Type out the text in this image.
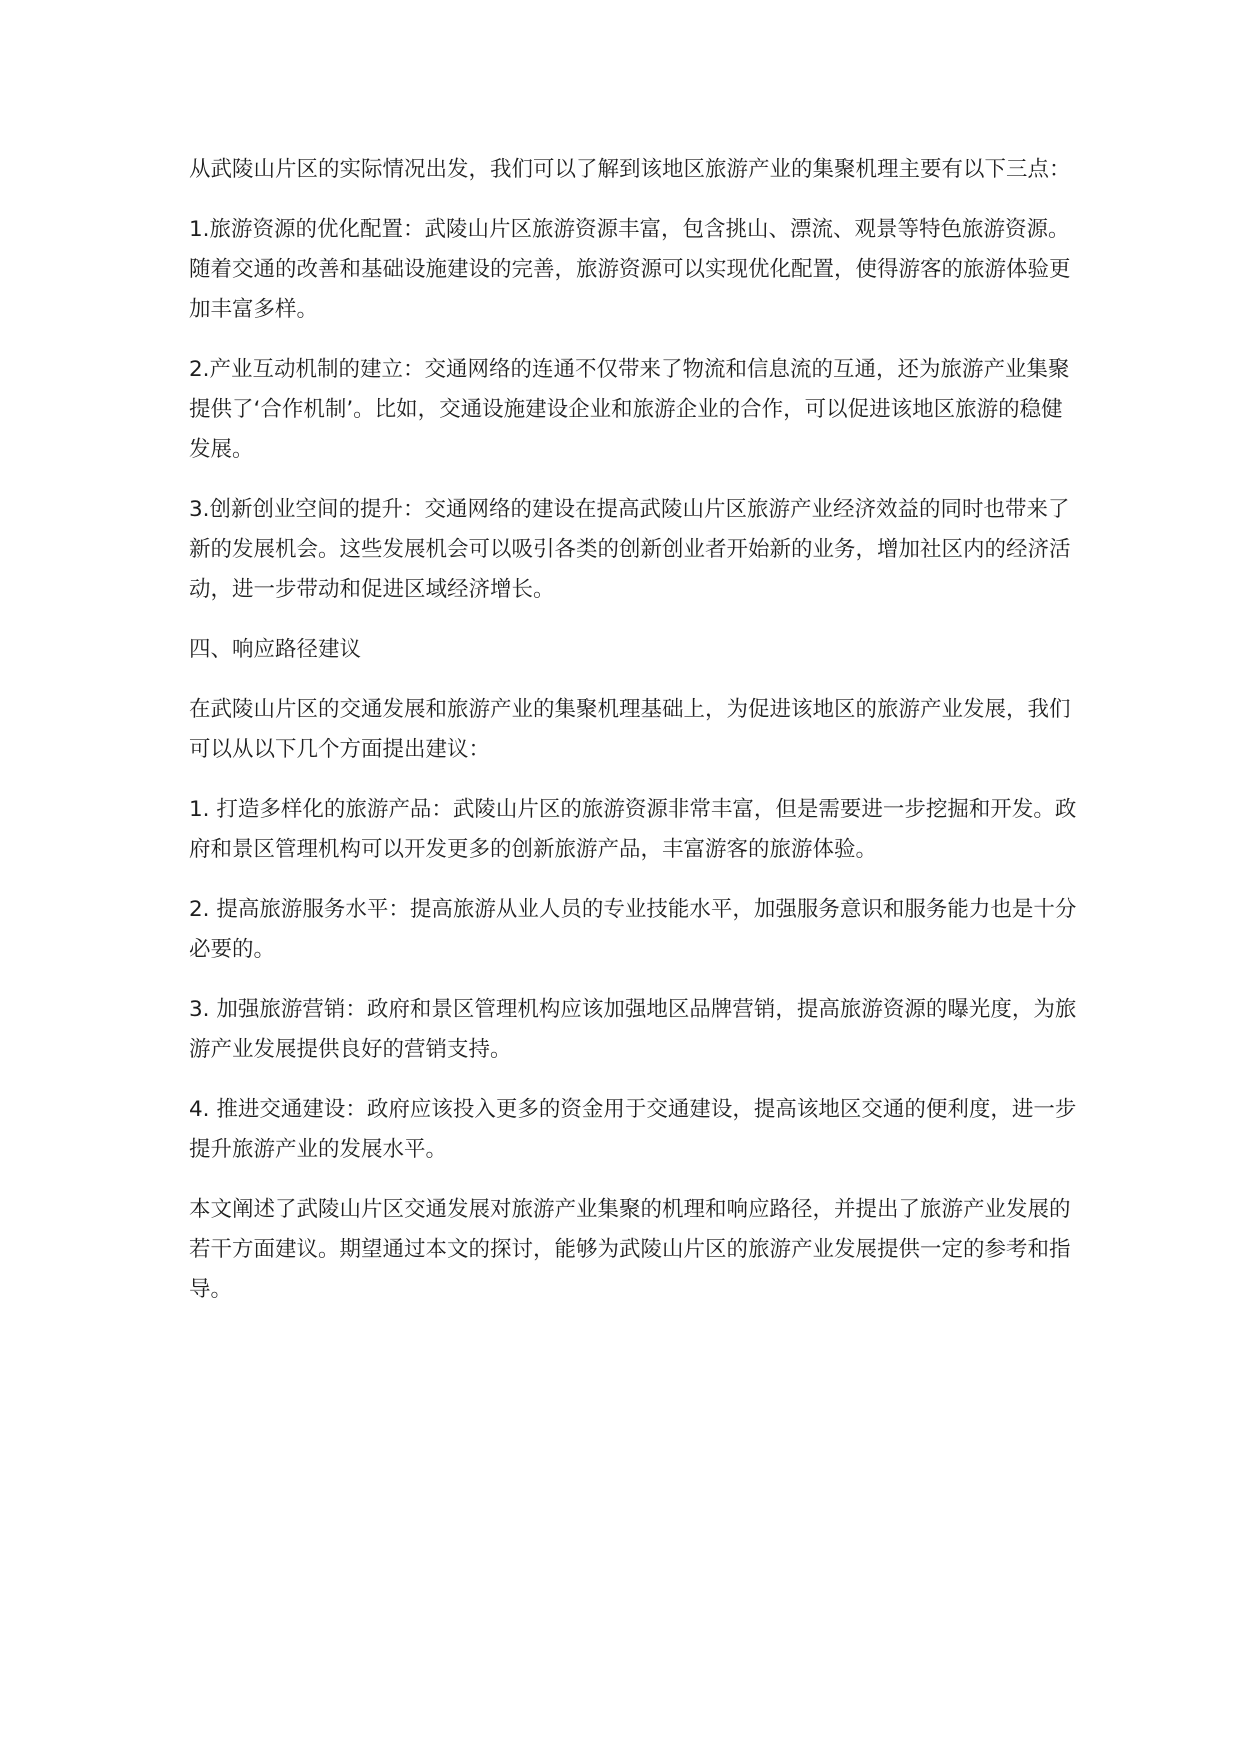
从武陵山片区的实际情况出发，我们可以了解到该地区旅游产业的集聚机理主要有以下三点：

1.旅游资源的优化配置：武陵山片区旅游资源丰富，包含挑山、漂流、观景等特色旅游资源。随着交通的改善和基础设施建设的完善，旅游资源可以实现优化配置，使得游客的旅游体验更加丰富多样。

2.产业互动机制的建立：交通网络的连通不仅带来了物流和信息流的互通，还为旅游产业集聚提供了‘合作机制’。比如，交通设施建设企业和旅游企业的合作，可以促进该地区旅游的稳健发展。

3.创新创业空间的提升：交通网络的建设在提高武陵山片区旅游产业经济效益的同时也带来了新的发展机会。这些发展机会可以吸引各类的创新创业者开始新的业务，增加社区内的经济活动，进一步带动和促进区域经济增长。

四、响应路径建议

在武陵山片区的交通发展和旅游产业的集聚机理基础上，为促进该地区的旅游产业发展，我们可以从以下几个方面提出建议：

1. 打造多样化的旅游产品：武陵山片区的旅游资源非常丰富，但是需要进一步挖掘和开发。政府和景区管理机构可以开发更多的创新旅游产品，丰富游客的旅游体验。

2. 提高旅游服务水平：提高旅游从业人员的专业技能水平，加强服务意识和服务能力也是十分必要的。

3. 加强旅游营销：政府和景区管理机构应该加强地区品牌营销，提高旅游资源的曝光度，为旅游产业发展提供良好的营销支持。

4. 推进交通建设：政府应该投入更多的资金用于交通建设，提高该地区交通的便利度，进一步提升旅游产业的发展水平。

本文阐述了武陵山片区交通发展对旅游产业集聚的机理和响应路径，并提出了旅游产业发展的若干方面建议。期望通过本文的探讨，能够为武陵山片区的旅游产业发展提供一定的参考和指导。
